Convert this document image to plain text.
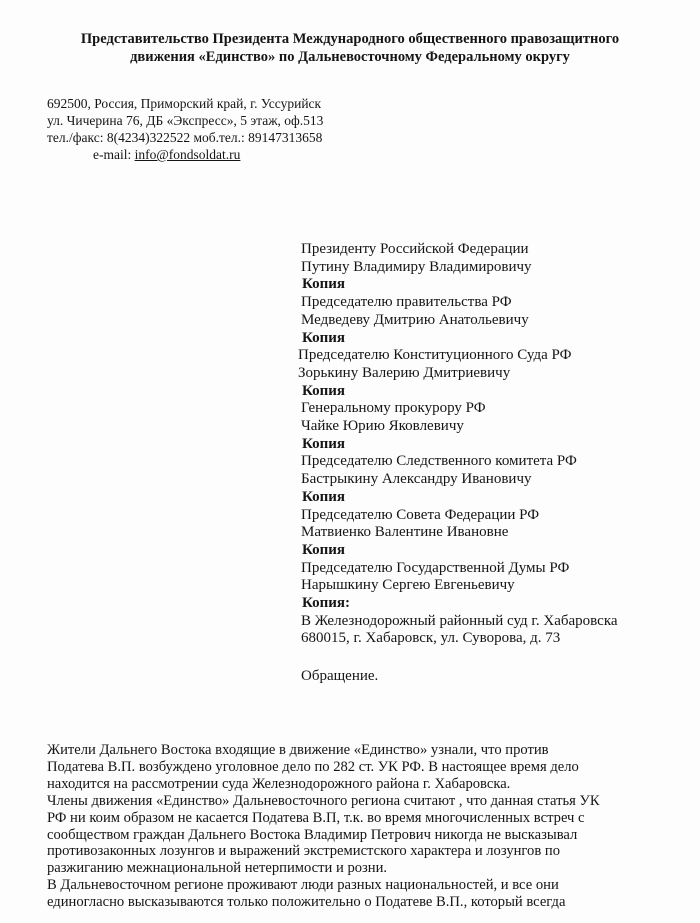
Представительство Президента Международного общественного правозащитного
движения «Единство» по Дальневосточному Федеральному округу
692500, Россия, Приморский край, г. Уссурийск
ул. Чичерина 76, ДБ «Экспресс», 5 этаж, оф.513
тел./факс: 8(4234)322522 моб.тел.: 89147313658
e-mail: info@fondsoldat.ru
Президенту Российской Федерации
Путину Владимиру Владимировичу
Копия
Председателю правительства РФ
Медведеву Дмитрию Анатольевичу
Копия
Председателю Конституционного Суда РФ
Зорькину Валерию Дмитриевичу
Копия
Генеральному прокурору РФ
Чайке Юрию Яковлевичу
Копия
Председателю Следственного комитета РФ
Бастрыкину Александру Ивановичу
Копия
Председателю Совета Федерации РФ
Матвиенко Валентине Ивановне
Копия
Председателю Государственной Думы РФ
Нарышкину Сергею Евгеньевичу
Копия:
В Железнодорожный районный суд г. Хабаровска
680015, г. Хабаровск, ул. Суворова, д. 73
Обращение.
Жители Дальнего Востока входящие в движение «Единство» узнали, что против
Податева В.П. возбуждено уголовное дело по 282 ст. УК РФ. В настоящее время дело
находится на рассмотрении суда Железнодорожного района г. Хабаровска.
Члены движения «Единство» Дальневосточного региона считают , что данная статья УК
РФ ни коим образом не касается Податева В.П, т.к. во время многочисленных встреч с
сообществом граждан Дальнего Востока Владимир Петрович никогда не высказывал
противозаконных лозунгов и выражений экстремистского характера и лозунгов по
разжиганию межнациональной нетерпимости и розни.
В Дальневосточном регионе проживают люди разных национальностей, и все они
единогласно высказываются только положительно о Податеве В.П., который всегда
